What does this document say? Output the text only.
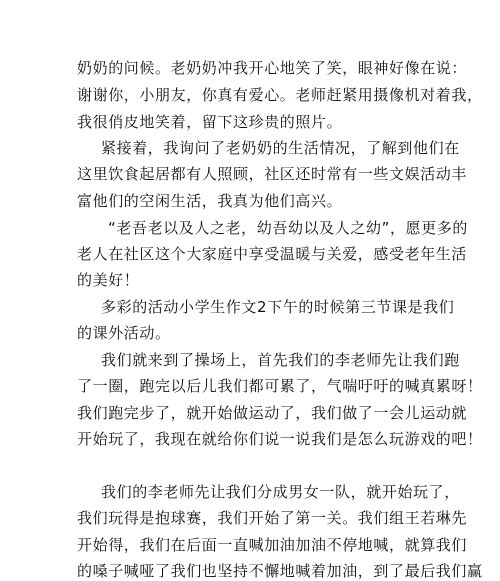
奶奶的问候。老奶奶冲我开心地笑了笑，眼神好像在说：
谢谢你，小朋友，你真有爱心。老师赶紧用摄像机对着我，
我很俏皮地笑着，留下这珍贵的照片。
紧接着，我询问了老奶奶的生活情况，了解到他们在
这里饮食起居都有人照顾，社区还时常有一些文娱活动丰
富他们的空闲生活，我真为他们高兴。
“老吾老以及人之老，幼吾幼以及人之幼”，愿更多的
老人在社区这个大家庭中享受温暖与关爱，感受老年生活
的美好！
多彩的活动小学生作文2下午的时候第三节课是我们
的课外活动。
我们就来到了操场上，首先我们的李老师先让我们跑
了一圈，跑完以后儿我们都可累了，气喘吁吁的喊真累呀！
我们跑完步了，就开始做运动了，我们做了一会儿运动就
开始玩了，我现在就给你们说一说我们是怎么玩游戏的吧！
我们的李老师先让我们分成男女一队，就开始玩了，
我们玩得是抱球赛，我们开始了第一关。我们组王若琳先
开始得，我们在后面一直喊加油加油不停地喊，就算我们
的嗓子喊哑了我们也坚持不懈地喊着加油，到了最后我们赢
